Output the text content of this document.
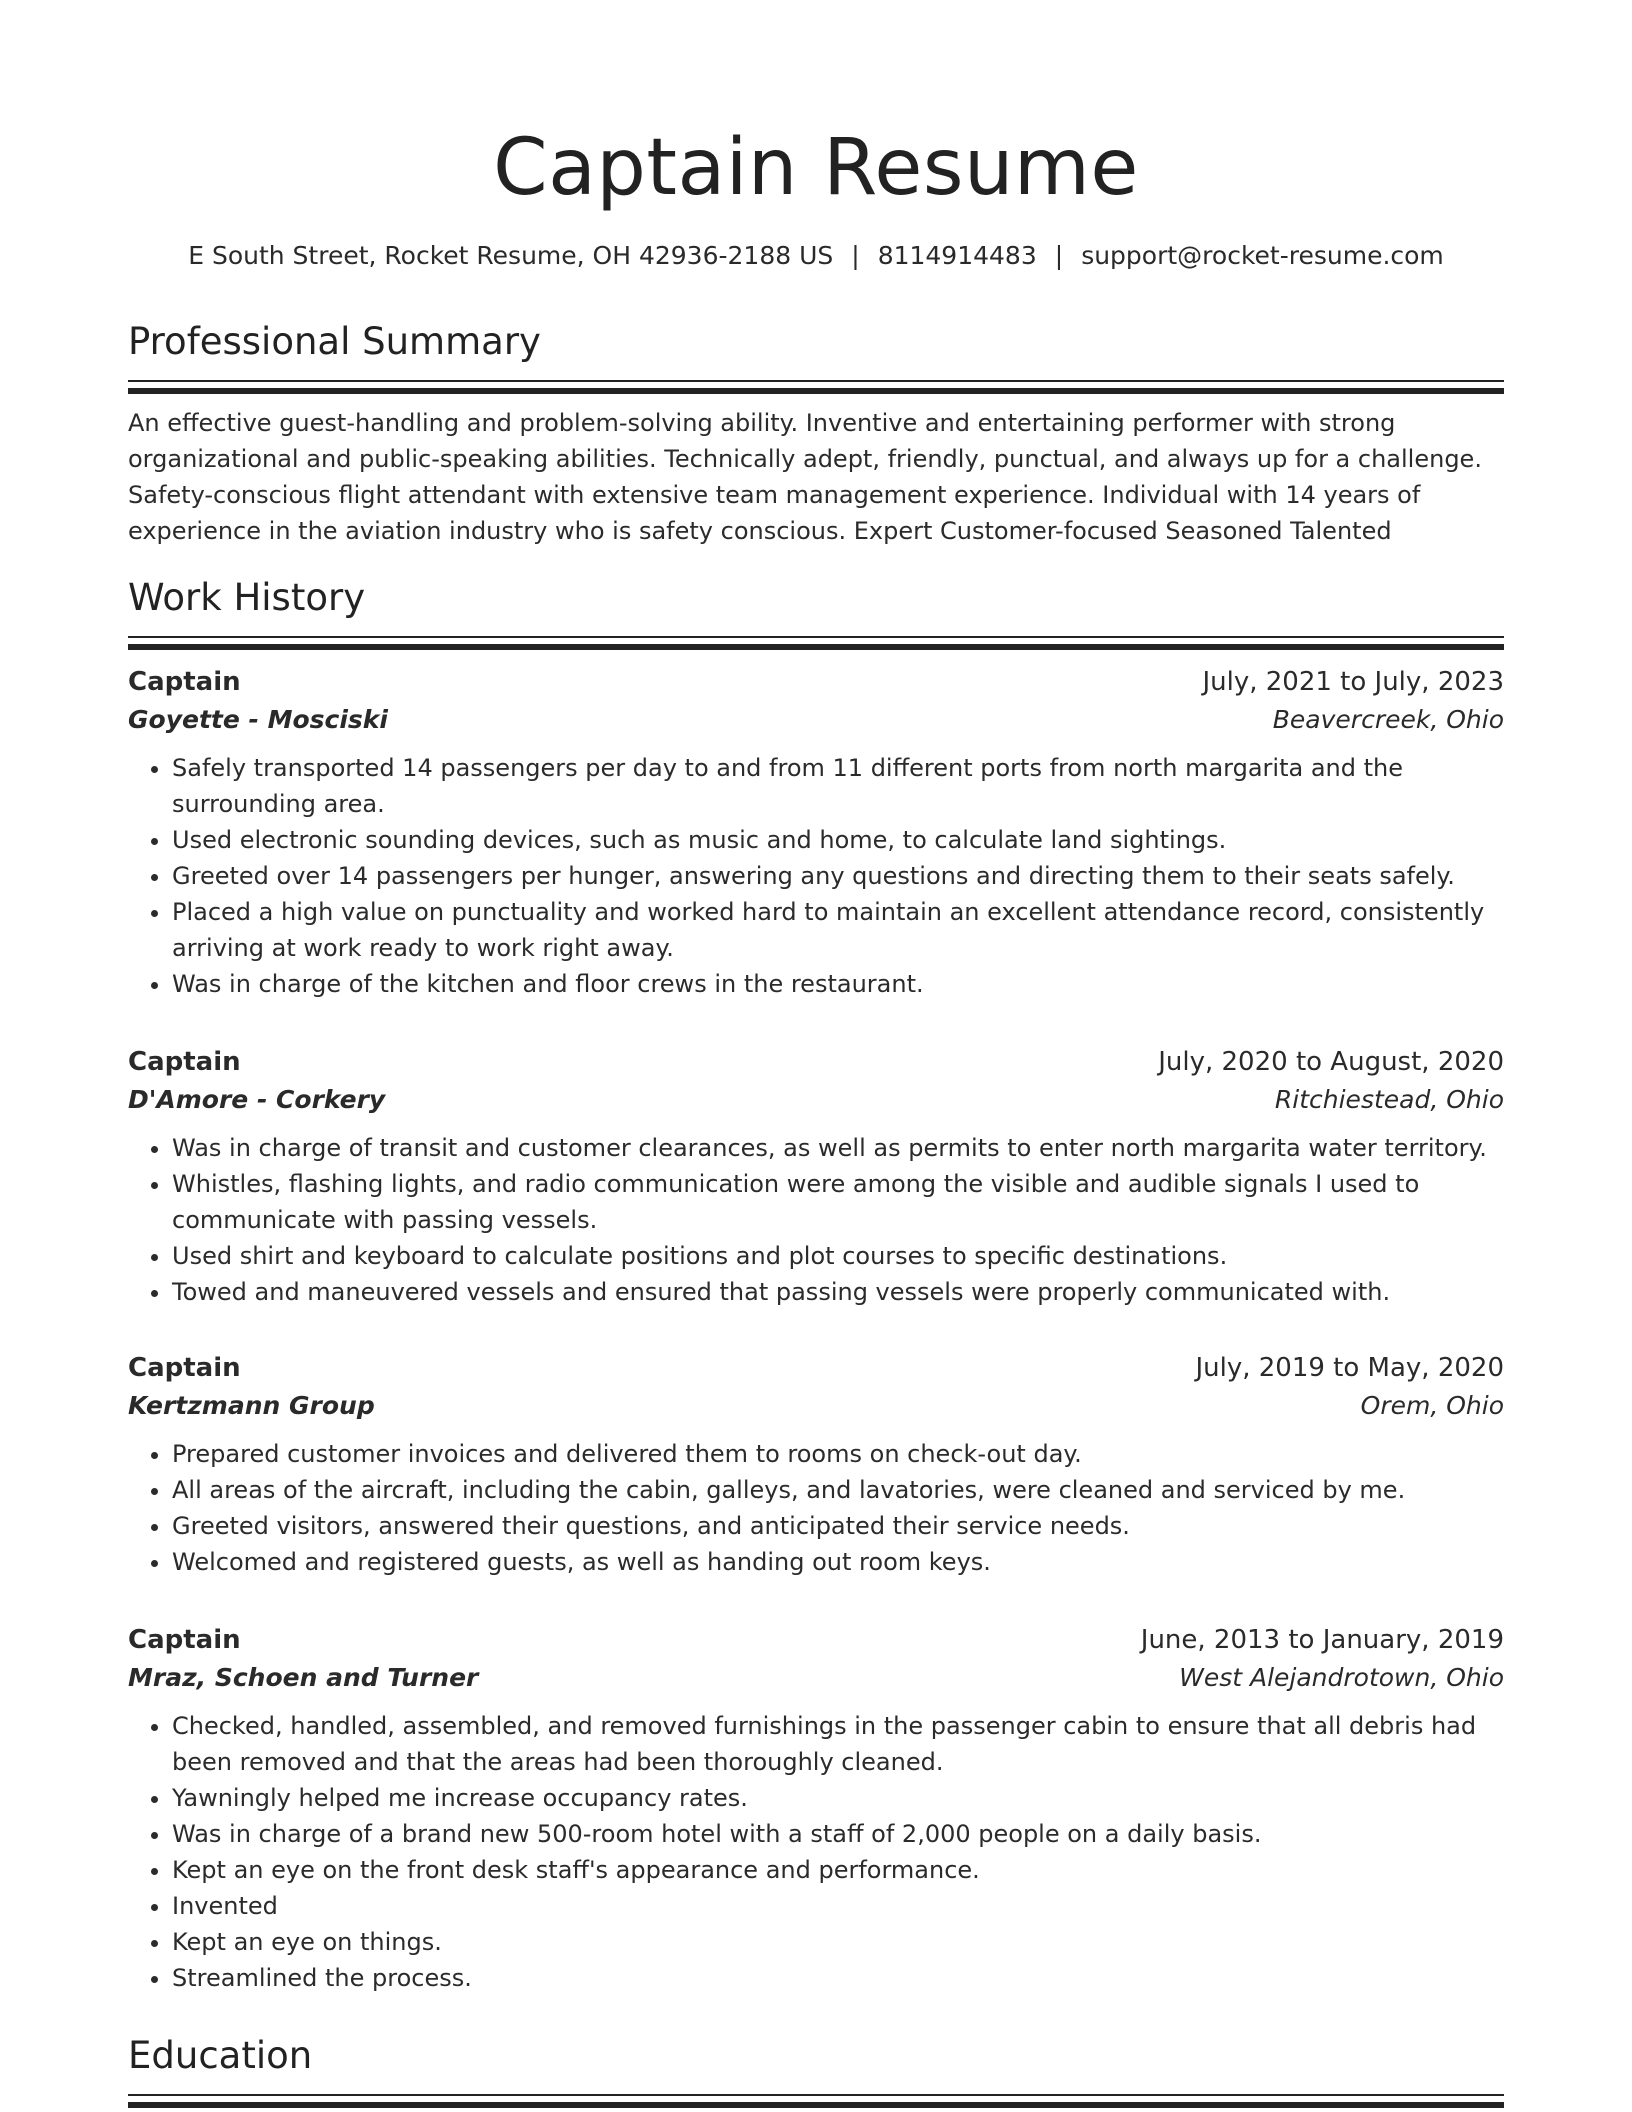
Captain Resume
E South Street, Rocket Resume, OH 42936-2188 US | 8114914483 | support@rocket-resume.com
Professional Summary

An effective guest-handling and problem-solving ability. Inventive and entertaining performer with strong organizational and public-speaking abilities. Technically adept, friendly, punctual, and always up for a challenge. Safety-conscious flight attendant with extensive team management experience. Individual with 14 years of experience in the aviation industry who is safety conscious. Expert Customer-focused Seasoned Talented

Work History
Captain	July, 2021 to July, 2023
Goyette - Mosciski	Beavercreek, Ohio
• Safely transported 14 passengers per day to and from 11 different ports from north margarita and the surrounding area.
• Used electronic sounding devices, such as music and home, to calculate land sightings.
• Greeted over 14 passengers per hunger, answering any questions and directing them to their seats safely.
• Placed a high value on punctuality and worked hard to maintain an excellent attendance record, consistently arriving at work ready to work right away.
• Was in charge of the kitchen and floor crews in the restaurant.
Captain	July, 2020 to August, 2020
D'Amore - Corkery	Ritchiestead, Ohio
• Was in charge of transit and customer clearances, as well as permits to enter north margarita water territory.
• Whistles, flashing lights, and radio communication were among the visible and audible signals I used to communicate with passing vessels.
• Used shirt and keyboard to calculate positions and plot courses to specific destinations.
• Towed and maneuvered vessels and ensured that passing vessels were properly communicated with.
Captain	July, 2019 to May, 2020
Kertzmann Group	Orem, Ohio
• Prepared customer invoices and delivered them to rooms on check-out day.
• All areas of the aircraft, including the cabin, galleys, and lavatories, were cleaned and serviced by me.
• Greeted visitors, answered their questions, and anticipated their service needs.
• Welcomed and registered guests, as well as handing out room keys.
Captain	June, 2013 to January, 2019
Mraz, Schoen and Turner	West Alejandrotown, Ohio
• Checked, handled, assembled, and removed furnishings in the passenger cabin to ensure that all debris had been removed and that the areas had been thoroughly cleaned.
• Yawningly helped me increase occupancy rates.
• Was in charge of a brand new 500-room hotel with a staff of 2,000 people on a daily basis.
• Kept an eye on the front desk staff's appearance and performance.
• Invented
• Kept an eye on things.
• Streamlined the process.
Education
